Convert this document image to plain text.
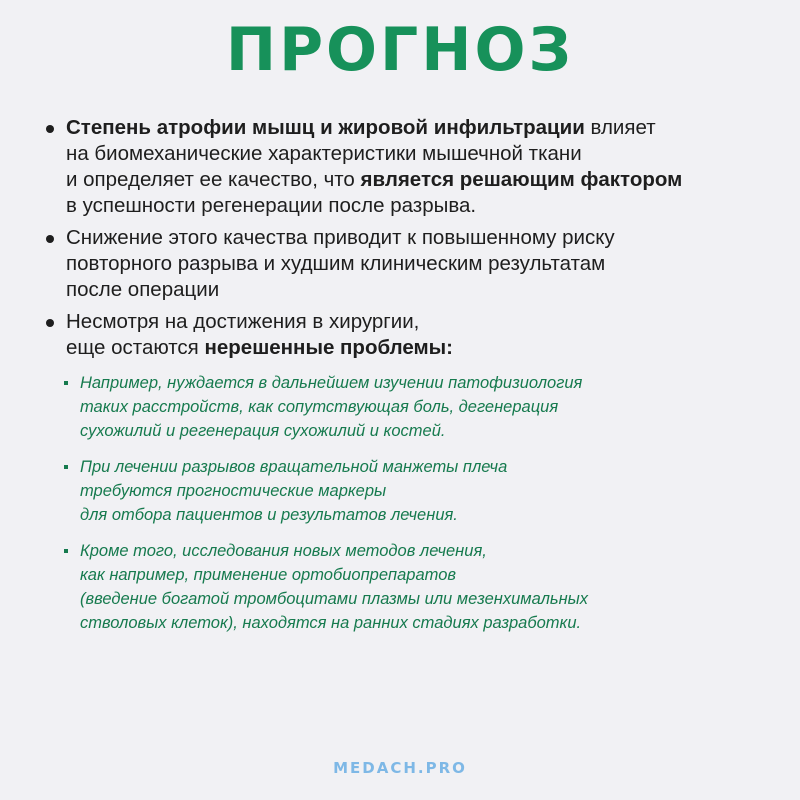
ПРОГНОЗ
Степень атрофии мышц и жировой инфильтрации влияет
на биомеханические характеристики мышечной ткани
и определяет ее качество, что является решающим фактором
в успешности регенерации после разрыва.
Снижение этого качества приводит к повышенному риску
повторного разрыва и худшим клиническим результатам
после операции
Несмотря на достижения в хирургии,
еще остаются нерешенные проблемы:
Например, нуждается в дальнейшем изучении патофизиология
таких расстройств, как сопутствующая боль, дегенерация
сухожилий и регенерация сухожилий и костей.
При лечении разрывов вращательной манжеты плеча
требуются прогностические маркеры
для отбора пациентов и результатов лечения.
Кроме того, исследования новых методов лечения,
как например, применение ортобиопрепаратов
(введение богатой тромбоцитами плазмы или мезенхимальных
стволовых клеток), находятся на ранних стадиях разработки.
MEDACH.PRO
